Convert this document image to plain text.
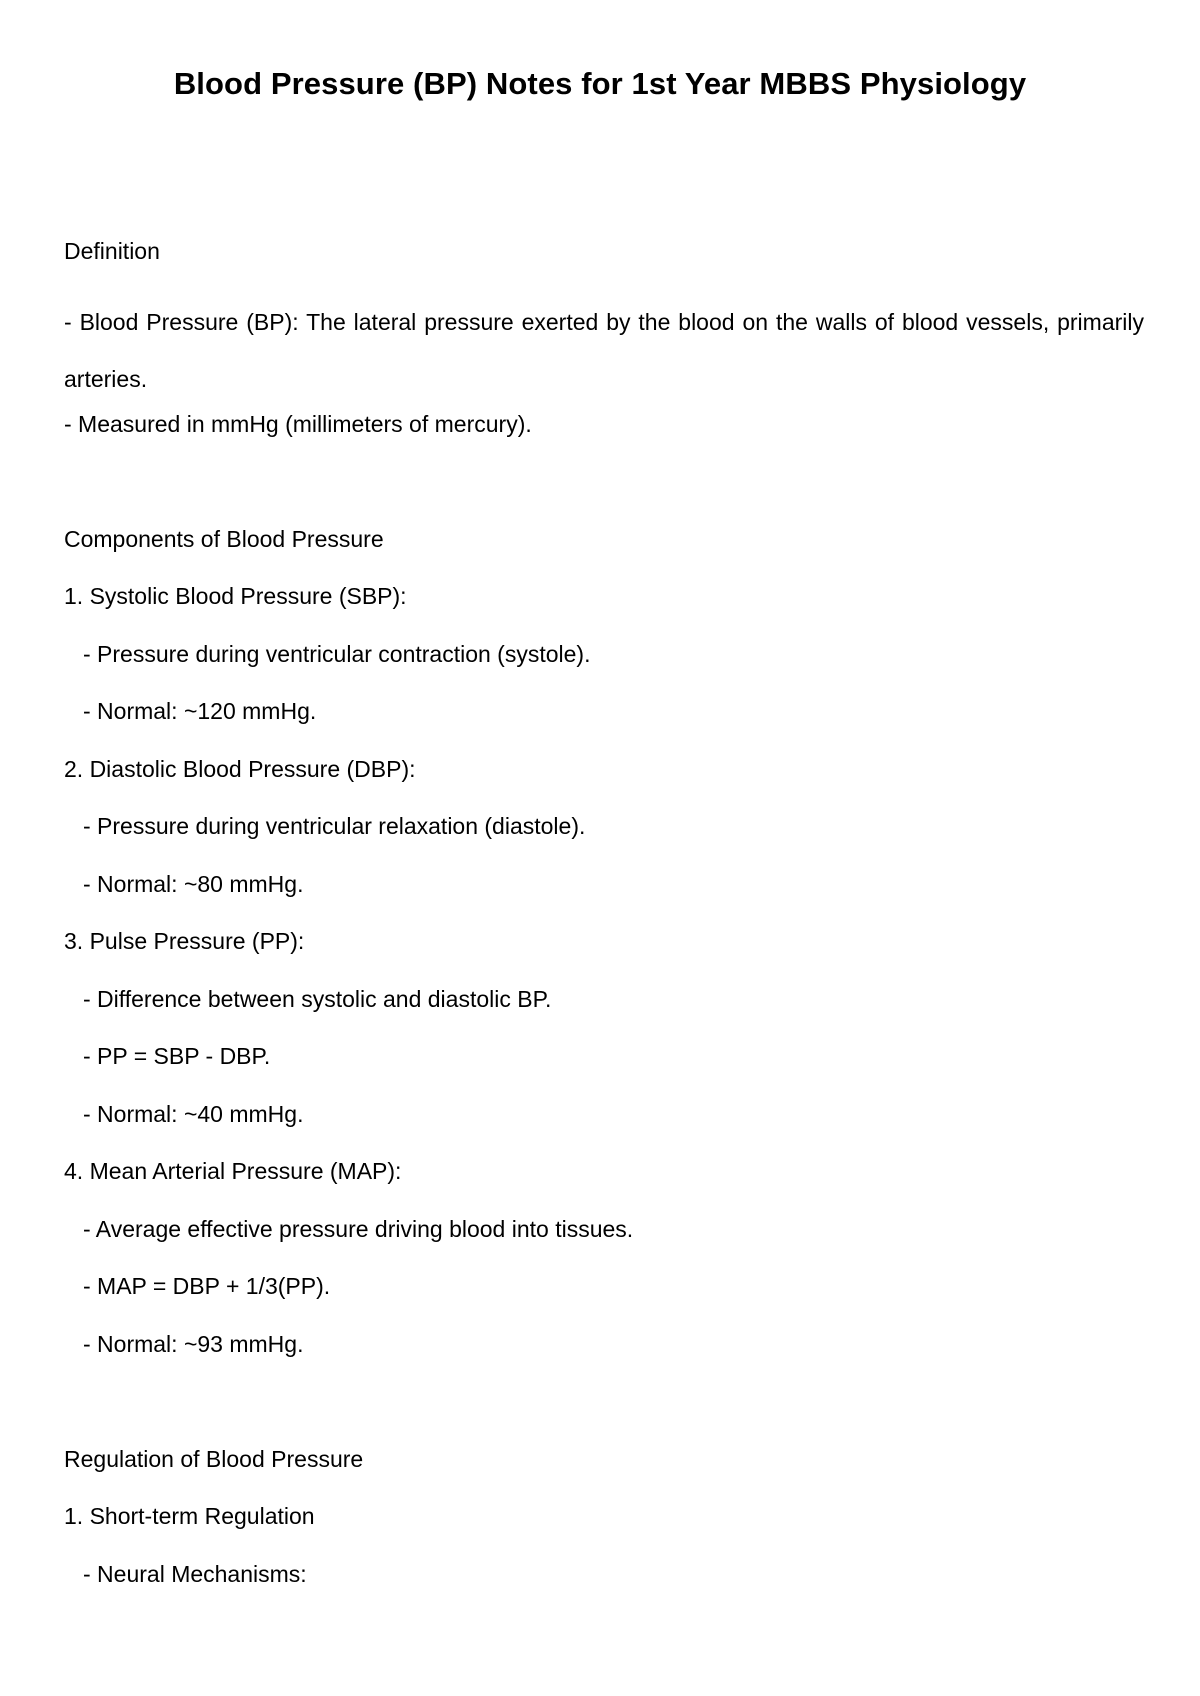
Blood Pressure (BP) Notes for 1st Year MBBS Physiology
Definition
- Blood Pressure (BP): The lateral pressure exerted by the blood on the walls of blood vessels, primarily arteries.
- Measured in mmHg (millimeters of mercury).
Components of Blood Pressure
1. Systolic Blood Pressure (SBP):
- Pressure during ventricular contraction (systole).
- Normal: ~120 mmHg.
2. Diastolic Blood Pressure (DBP):
- Pressure during ventricular relaxation (diastole).
- Normal: ~80 mmHg.
3. Pulse Pressure (PP):
- Difference between systolic and diastolic BP.
- PP = SBP - DBP.
- Normal: ~40 mmHg.
4. Mean Arterial Pressure (MAP):
- Average effective pressure driving blood into tissues.
- MAP = DBP + 1/3(PP).
- Normal: ~93 mmHg.
Regulation of Blood Pressure
1. Short-term Regulation
- Neural Mechanisms:
